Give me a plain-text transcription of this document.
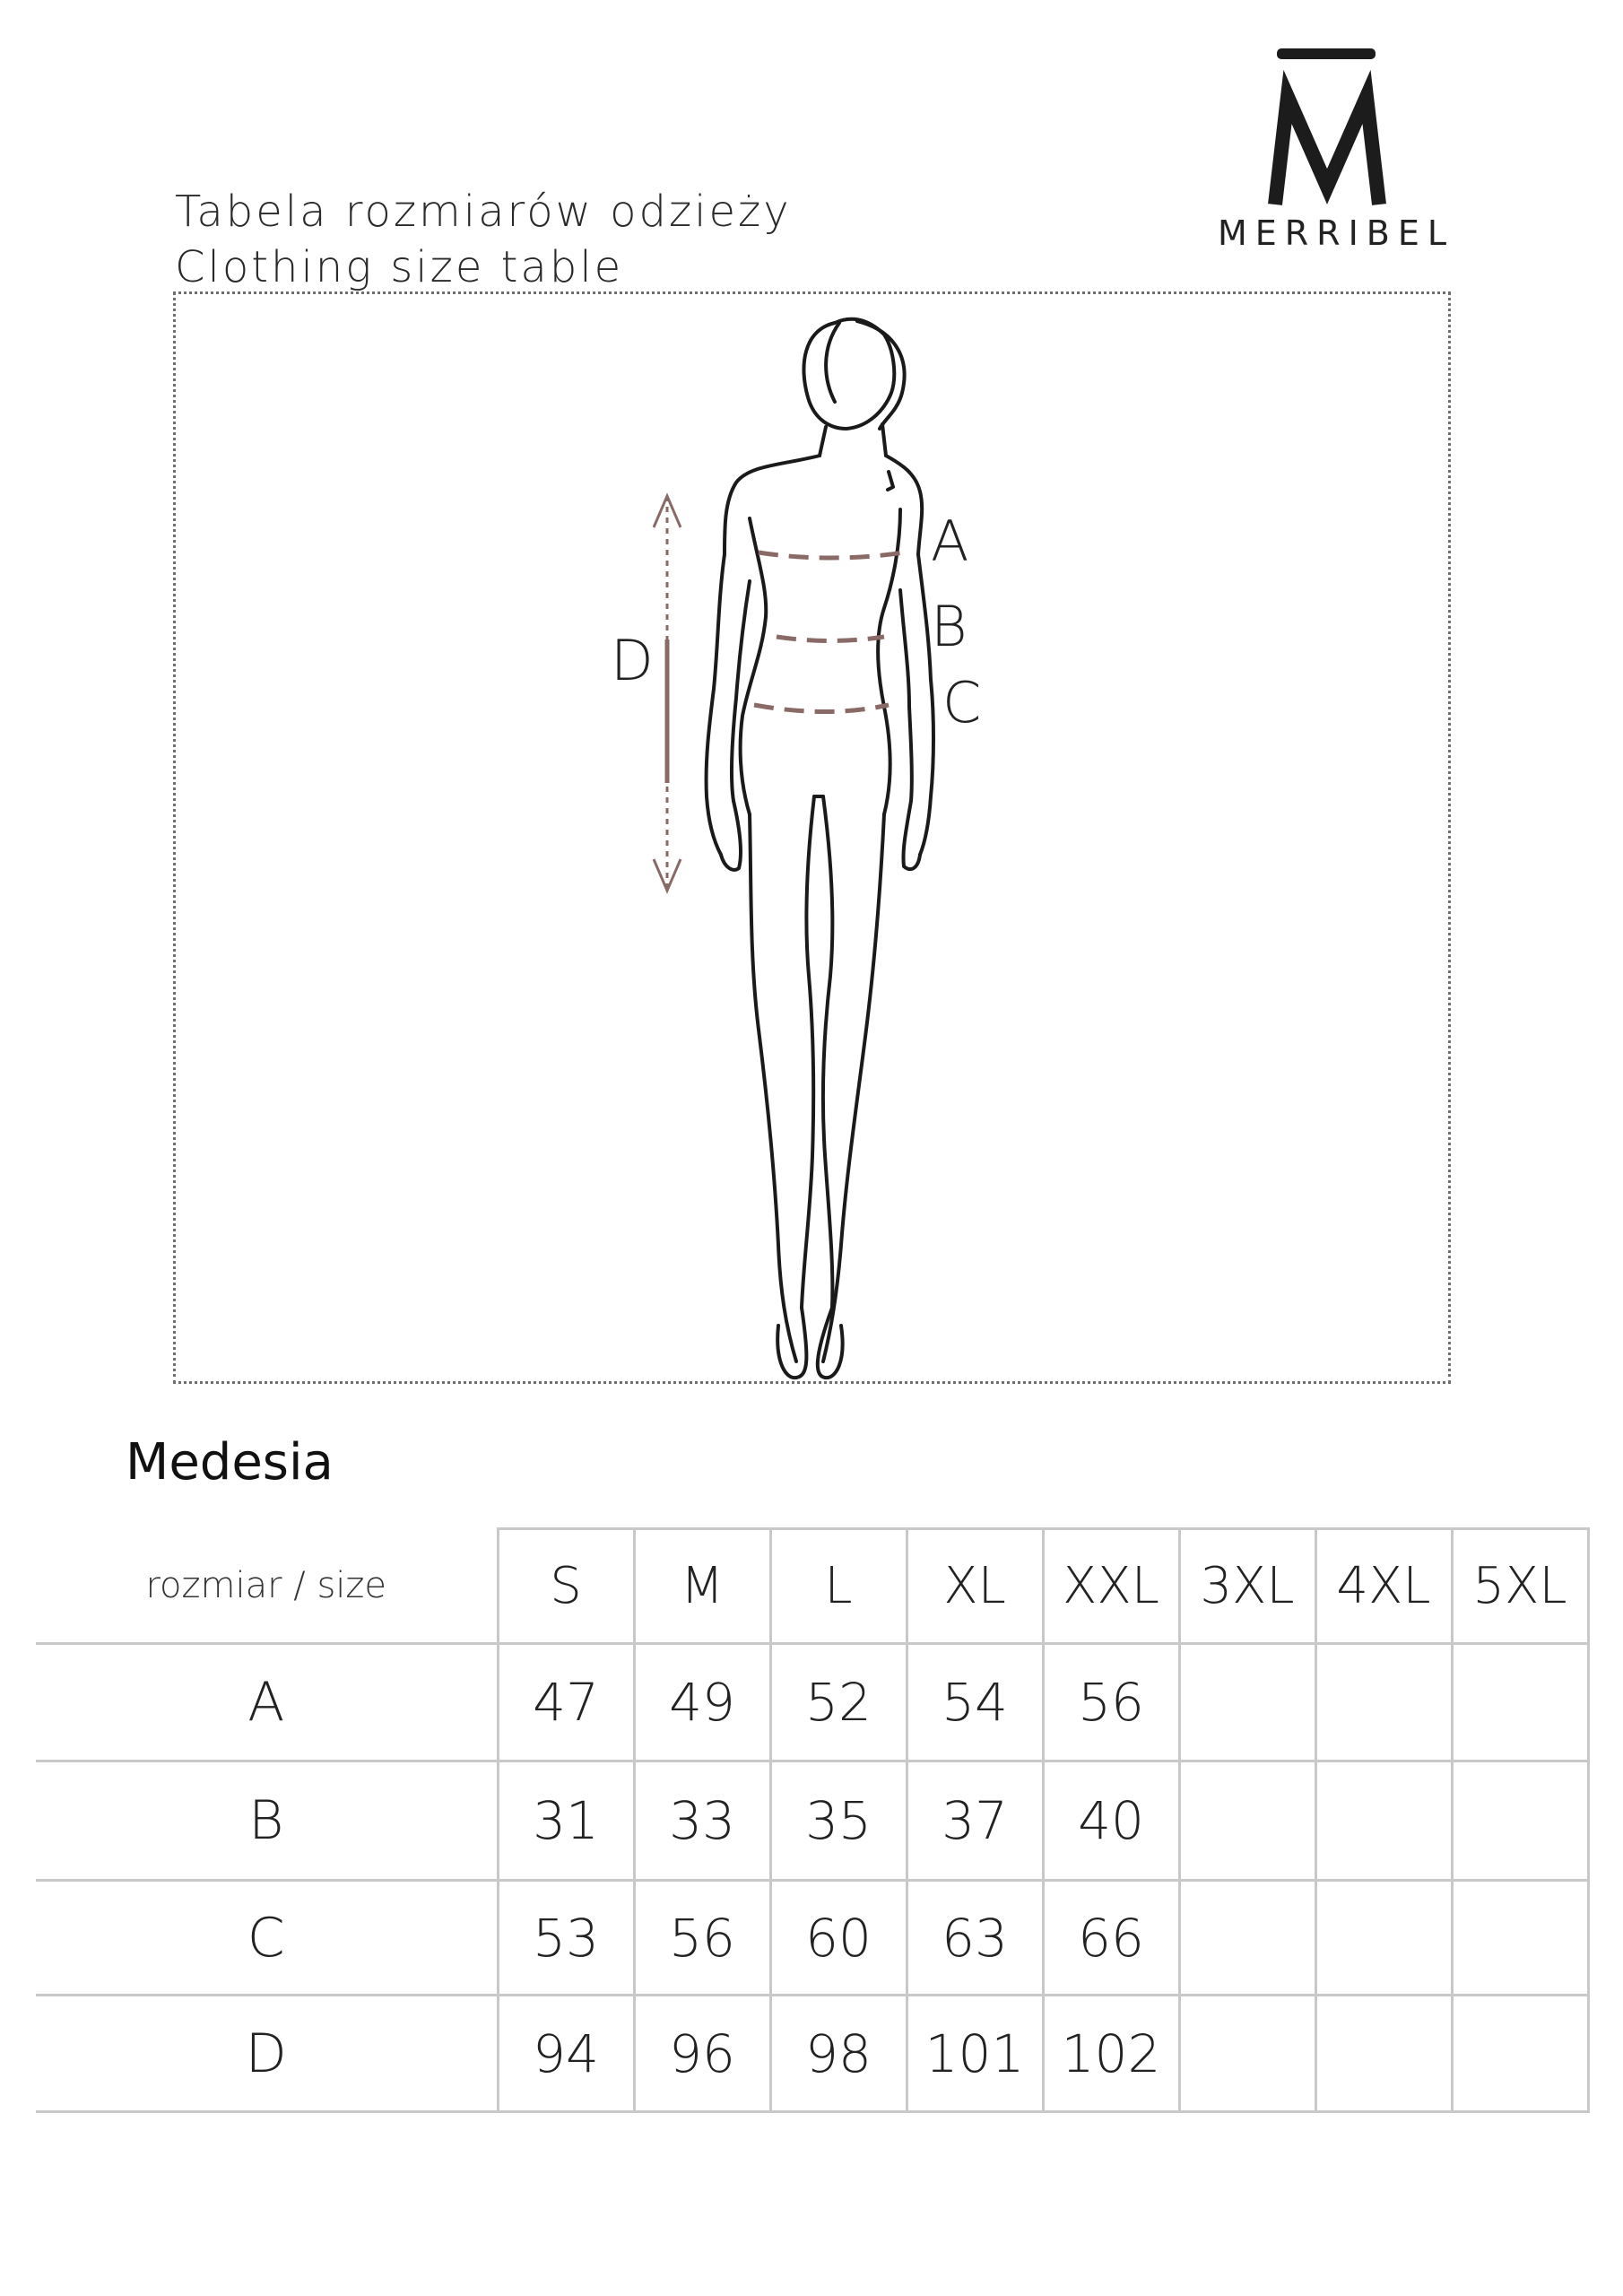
Tabela rozmiarów odzieży
Clothing size table
MERRIBEL
A
B
C
D
Medesia
rozmiar / size	S	M	L	XL	XXL	3XL	4XL	5XL
A	47	49	52	54	56			
B	31	33	35	37	40			
C	53	56	60	63	66			
D	94	96	98	101	102			
